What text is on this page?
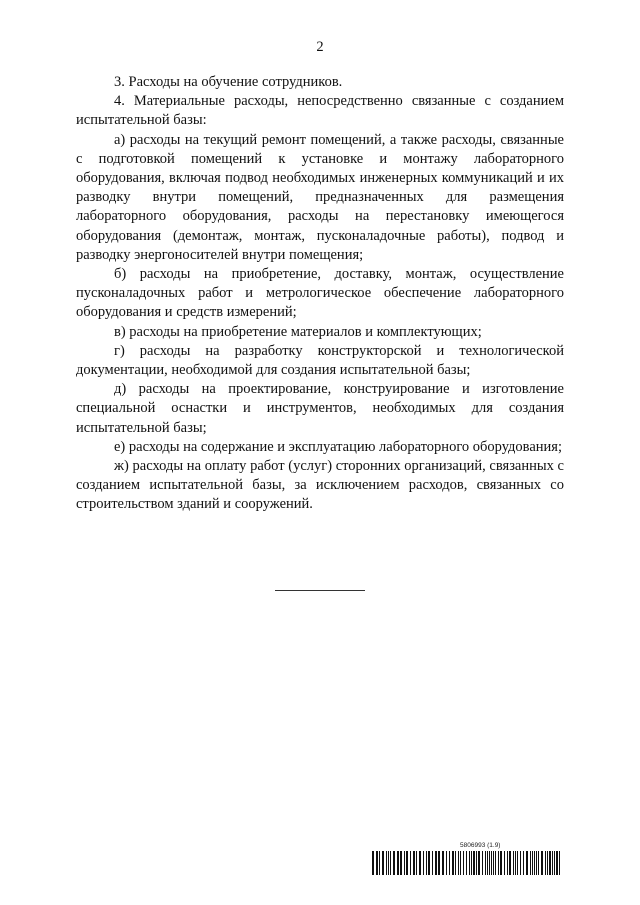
2

3. Расходы на обучение сотрудников.

4. Материальные расходы, непосредственно связанные с созданием испытательной базы:

а) расходы на текущий ремонт помещений, а также расходы, связанные с подготовкой помещений к установке и монтажу лабораторного оборудования, включая подвод необходимых инженерных коммуникаций и их разводку внутри помещений, предназначенных для размещения лабораторного оборудования, расходы на перестановку имеющегося оборудования (демонтаж, монтаж, пусконаладочные работы), подвод и разводку энергоносителей внутри помещения;

б) расходы на приобретение, доставку, монтаж, осуществление пусконаладочных работ и метрологическое обеспечение лабораторного оборудования и средств измерений;

в) расходы на приобретение материалов и комплектующих;

г) расходы на разработку конструкторской и технологической документации, необходимой для создания испытательной базы;

д) расходы на проектирование, конструирование и изготовление специальной оснастки и инструментов, необходимых для создания испытательной базы;

е) расходы на содержание и эксплуатацию лабораторного оборудования;

ж) расходы на оплату работ (услуг) сторонних организаций, связанных с созданием испытательной базы, за исключением расходов, связанных со строительством зданий и сооружений.

5806993 (1.9)
